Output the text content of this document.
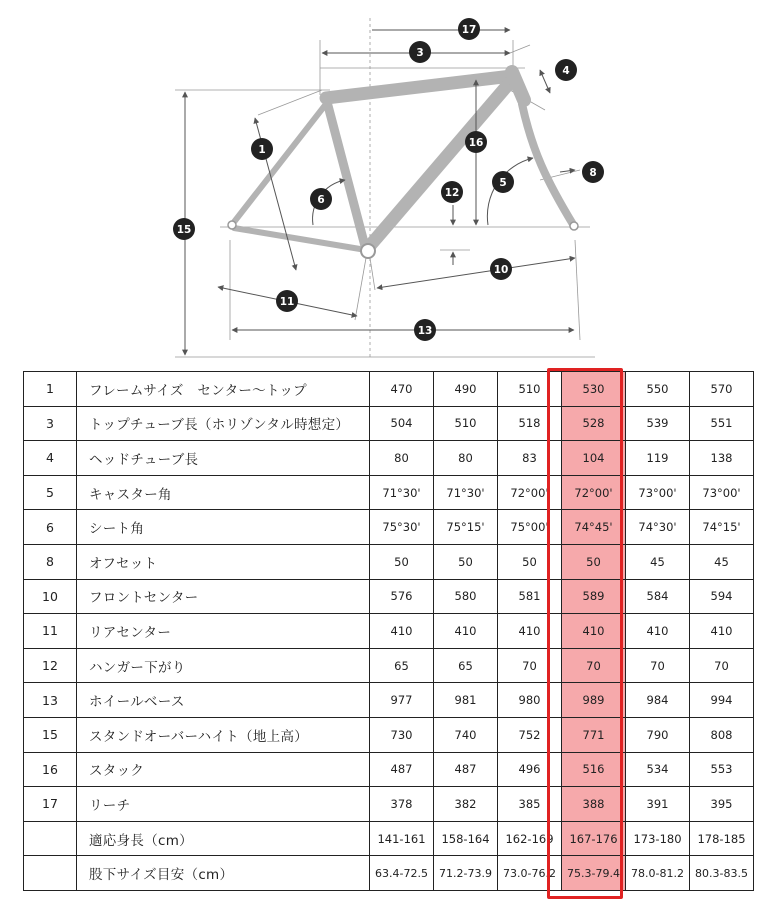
1
3
4
5
6
8
10
11
12
13
15
16
17
1	フレームサイズ　センター～トップ	470	490	510	530	550	570
3	トップチューブ長（ホリゾンタル時想定）	504	510	518	528	539	551
4	ヘッドチューブ長	80	80	83	104	119	138
5	キャスター角	71°30'	71°30'	72°00'	72°00'	73°00'	73°00'
6	シート角	75°30'	75°15'	75°00'	74°45'	74°30'	74°15'
8	オフセット	50	50	50	50	45	45
10	フロントセンター	576	580	581	589	584	594
11	リアセンター	410	410	410	410	410	410
12	ハンガー下がり	65	65	70	70	70	70
13	ホイールベース	977	981	980	989	984	994
15	スタンドオーバーハイト（地上高）	730	740	752	771	790	808
16	スタック	487	487	496	516	534	553
17	リーチ	378	382	385	388	391	395
	適応身長（cm）	141-161	158-164	162-169	167-176	173-180	178-185
	股下サイズ目安（cm）	63.4-72.5	71.2-73.9	73.0-76.2	75.3-79.4	78.0-81.2	80.3-83.5
